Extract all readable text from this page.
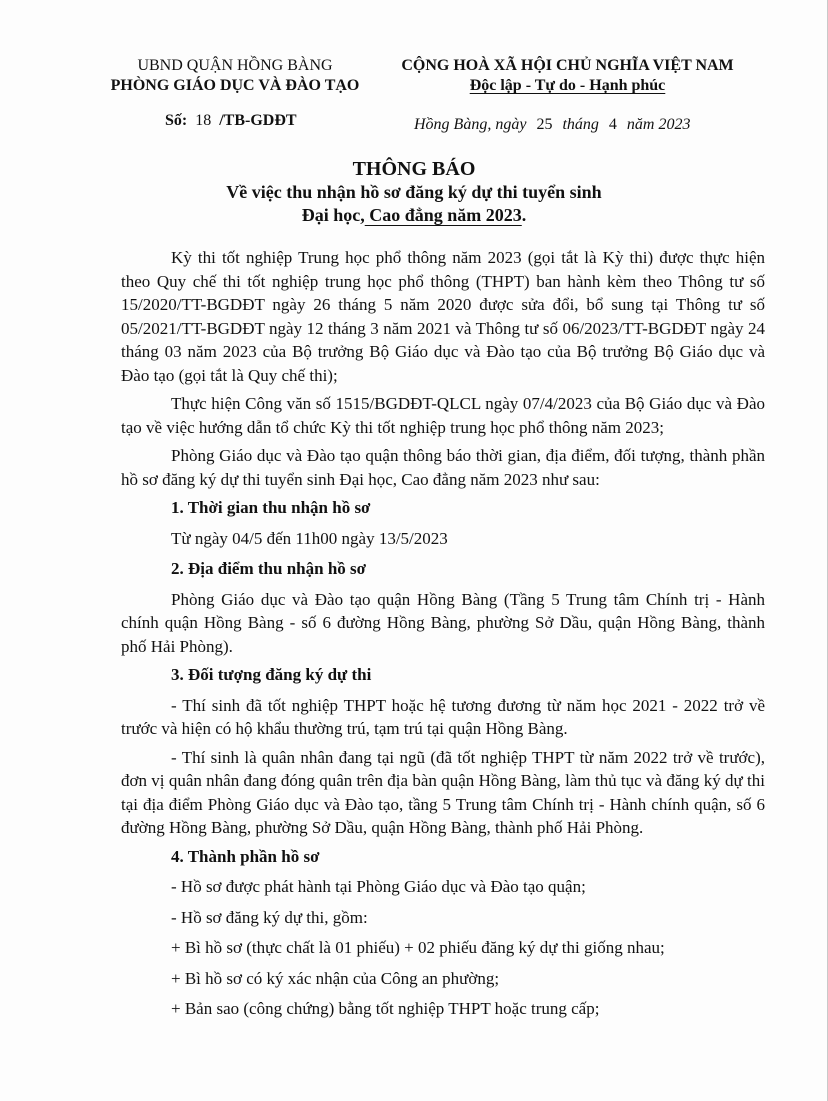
UBND QUẬN HỒNG BÀNG
PHÒNG GIÁO DỤC VÀ ĐÀO TẠO
CỘNG HOÀ XÃ HỘI CHỦ NGHĨA VIỆT NAM
Độc lập - Tự do - Hạnh phúc
Số: 18 /TB-GDĐT	Hồng Bàng, ngày 25 tháng 4 năm 2023
THÔNG BÁO
Về việc thu nhận hồ sơ đăng ký dự thi tuyển sinh
Đại học, Cao đẳng năm 2023.

Kỳ thi tốt nghiệp Trung học phổ thông năm 2023 (gọi tắt là Kỳ thi) được thực hiện theo Quy chế thi tốt nghiệp trung học phổ thông (THPT) ban hành kèm theo Thông tư số 15/2020/TT-BGDĐT ngày 26 tháng 5 năm 2020 được sửa đổi, bổ sung tại Thông tư số 05/2021/TT-BGDĐT ngày 12 tháng 3 năm 2021 và Thông tư số 06/2023/TT-BGDĐT ngày 24 tháng 03 năm 2023 của Bộ trưởng Bộ Giáo dục và Đào tạo của Bộ trưởng Bộ Giáo dục và Đào tạo (gọi tắt là Quy chế thi);

Thực hiện Công văn số 1515/BGDĐT-QLCL ngày 07/4/2023 của Bộ Giáo dục và Đào tạo về việc hướng dẫn tổ chức Kỳ thi tốt nghiệp trung học phổ thông năm 2023;

Phòng Giáo dục và Đào tạo quận thông báo thời gian, địa điểm, đối tượng, thành phần hồ sơ đăng ký dự thi tuyển sinh Đại học, Cao đẳng năm 2023 như sau:

1. Thời gian thu nhận hồ sơ
Từ ngày 04/5 đến 11h00 ngày 13/5/2023
2. Địa điểm thu nhận hồ sơ

Phòng Giáo dục và Đào tạo quận Hồng Bàng (Tầng 5 Trung tâm Chính trị - Hành chính quận Hồng Bàng - số 6 đường Hồng Bàng, phường Sở Dầu, quận Hồng Bàng, thành phố Hải Phòng).

3. Đối tượng đăng ký dự thi

- Thí sinh đã tốt nghiệp THPT hoặc hệ tương đương từ năm học 2021 - 2022 trở về trước và hiện có hộ khẩu thường trú, tạm trú tại quận Hồng Bàng.

- Thí sinh là quân nhân đang tại ngũ (đã tốt nghiệp THPT từ năm 2022 trở về trước), đơn vị quân nhân đang đóng quân trên địa bàn quận Hồng Bàng, làm thủ tục và đăng ký dự thi tại địa điểm Phòng Giáo dục và Đào tạo, tầng 5 Trung tâm Chính trị - Hành chính quận, số 6 đường Hồng Bàng, phường Sở Dầu, quận Hồng Bàng, thành phố Hải Phòng.

4. Thành phần hồ sơ
- Hồ sơ được phát hành tại Phòng Giáo dục và Đào tạo quận;
- Hồ sơ đăng ký dự thi, gồm:
+ Bì hồ sơ (thực chất là 01 phiếu) + 02 phiếu đăng ký dự thi giống nhau;
+ Bì hồ sơ có ký xác nhận của Công an phường;
+ Bản sao (công chứng) bằng tốt nghiệp THPT hoặc trung cấp;
